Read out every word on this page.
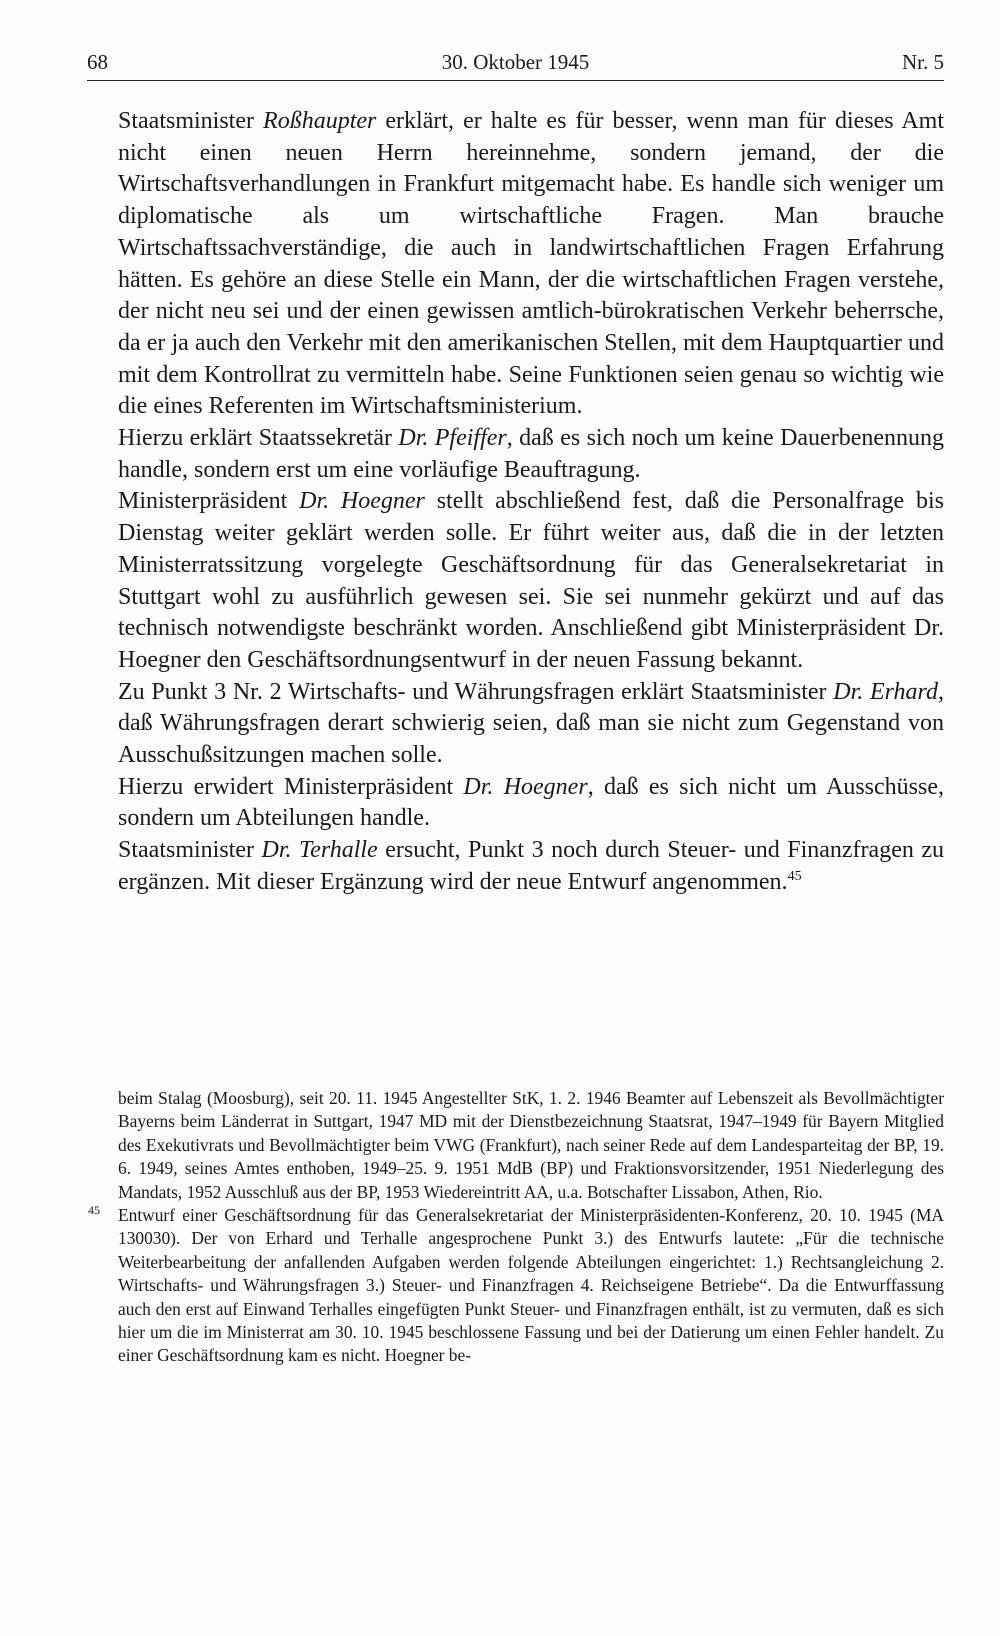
68	30. Oktober 1945	Nr. 5

Staatsminister Roßhaupter erklärt, er halte es für besser, wenn man für dieses Amt nicht einen neuen Herrn hereinnehme, sondern jemand, der die Wirtschaftsverhandlungen in Frankfurt mitgemacht habe. Es handle sich weniger um diplomatische als um wirtschaftliche Fragen. Man brauche Wirtschaftssachverständige, die auch in landwirtschaftlichen Fragen Erfahrung hätten. Es gehöre an diese Stelle ein Mann, der die wirtschaftlichen Fragen verstehe, der nicht neu sei und der einen gewissen amtlich-bürokratischen Verkehr beherrsche, da er ja auch den Verkehr mit den amerikanischen Stellen, mit dem Hauptquartier und mit dem Kontrollrat zu vermitteln habe. Seine Funktionen seien genau so wichtig wie die eines Referenten im Wirtschaftsministerium.

Hierzu erklärt Staatssekretär Dr. Pfeiffer, daß es sich noch um keine Dauerbenennung handle, sondern erst um eine vorläufige Beauftragung.

Ministerpräsident Dr. Hoegner stellt abschließend fest, daß die Personalfrage bis Dienstag weiter geklärt werden solle. Er führt weiter aus, daß die in der letzten Ministerratssitzung vorgelegte Geschäftsordnung für das Generalsekretariat in Stuttgart wohl zu ausführlich gewesen sei. Sie sei nunmehr gekürzt und auf das technisch notwendigste beschränkt worden. Anschließend gibt Ministerpräsident Dr. Hoegner den Geschäftsordnungsentwurf in der neuen Fassung bekannt.

Zu Punkt 3 Nr. 2 Wirtschafts- und Währungsfragen erklärt Staatsminister Dr. Erhard, daß Währungsfragen derart schwierig seien, daß man sie nicht zum Gegenstand von Ausschußsitzungen machen solle.

Hierzu erwidert Ministerpräsident Dr. Hoegner, daß es sich nicht um Ausschüsse, sondern um Abteilungen handle.

Staatsminister Dr. Terhalle ersucht, Punkt 3 noch durch Steuer- und Finanzfragen zu ergänzen. Mit dieser Ergänzung wird der neue Entwurf angenommen.$^{45}$

beim Stalag (Moosburg), seit 20. 11. 1945 Angestellter StK, 1. 2. 1946 Beamter auf Lebenszeit als Bevollmächtigter Bayerns beim Länderrat in Suttgart, 1947 MD mit der Dienstbezeichnung Staatsrat, 1947–1949 für Bayern Mitglied des Exekutivrats und Bevollmächtigter beim VWG (Frankfurt), nach seiner Rede auf dem Landesparteitag der BP, 19. 6. 1949, seines Amtes enthoben, 1949–25. 9. 1951 MdB (BP) und Fraktionsvorsitzender, 1951 Niederlegung des Mandats, 1952 Ausschluß aus der BP, 1953 Wiedereintritt AA, u.a. Botschafter Lissabon, Athen, Rio.

45 Entwurf einer Geschäftsordnung für das Generalsekretariat der Ministerpräsidenten-Konferenz, 20. 10. 1945 (MA 130030). Der von Erhard und Terhalle angesprochene Punkt 3.) des Entwurfs lautete: „Für die technische Weiterbearbeitung der anfallenden Aufgaben werden folgende Abteilungen eingerichtet: 1.) Rechtsangleichung 2. Wirtschafts- und Währungsfragen 3.) Steuer- und Finanzfragen 4. Reichseigene Betriebe“. Da die Entwurffassung auch den erst auf Einwand Terhalles eingefügten Punkt Steuer- und Finanzfragen enthält, ist zu vermuten, daß es sich hier um die im Ministerrat am 30. 10. 1945 beschlossene Fassung und bei der Datierung um einen Fehler handelt. Zu einer Geschäftsordnung kam es nicht. Hoegner be-
